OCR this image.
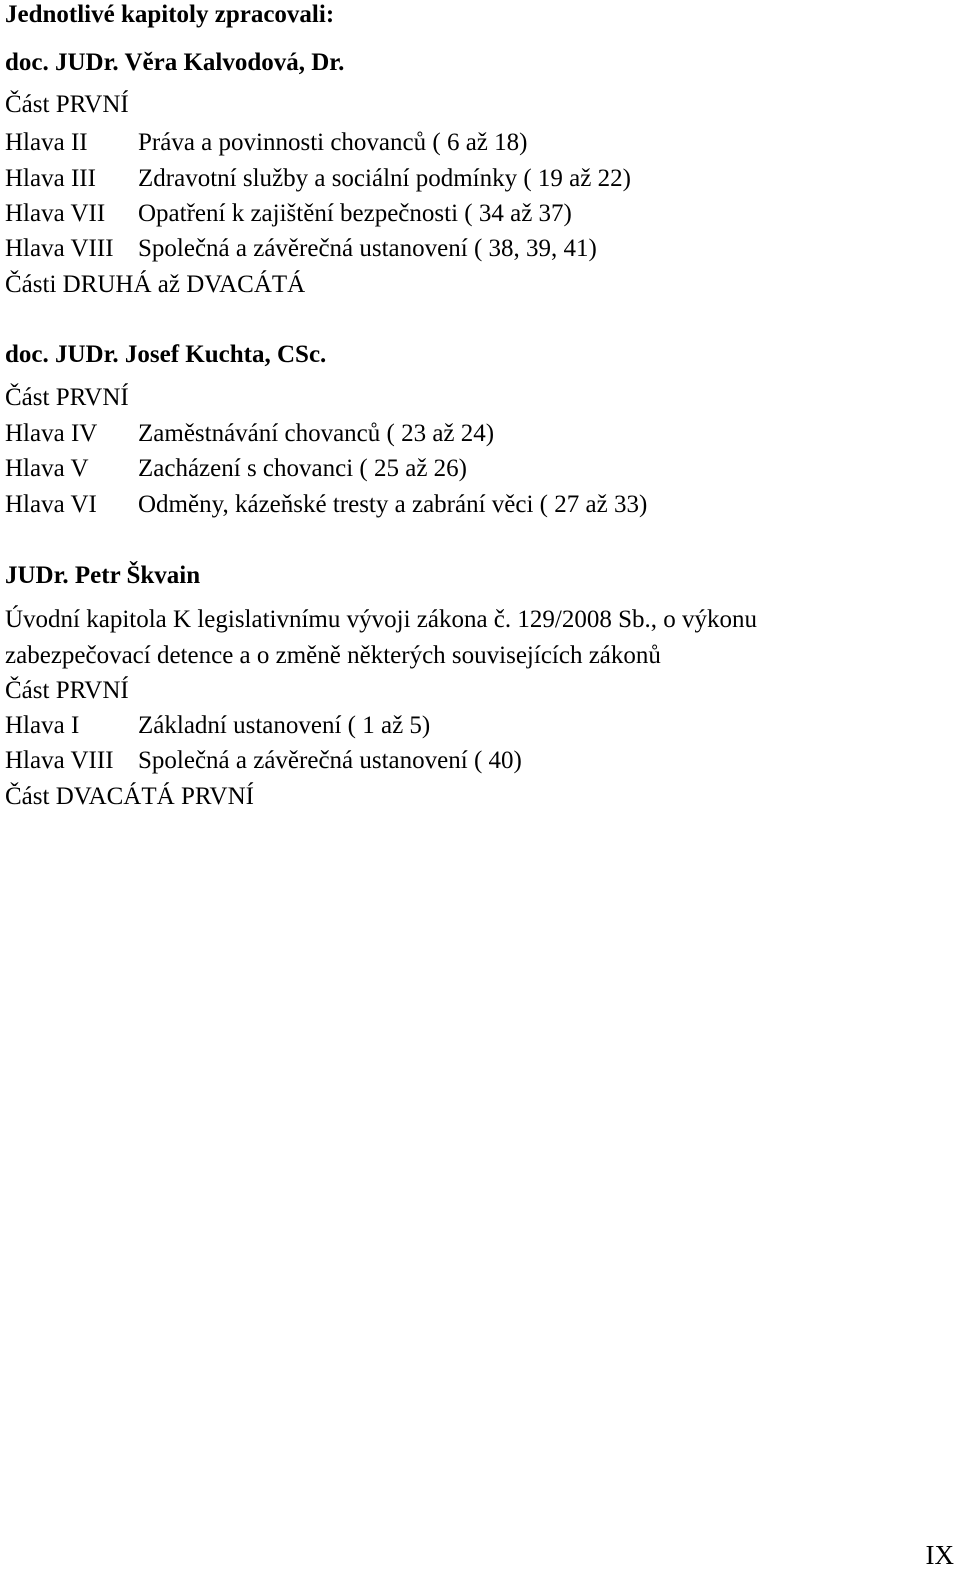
Jednotlivé kapitoly zpracovali:
doc. JUDr. Věra Kalvodová, Dr.
Část PRVNÍ
Hlava II Práva a povinnosti chovanců ( 6 až 18)
Hlava III Zdravotní služby a sociální podmínky ( 19 až 22)
Hlava VII Opatření k zajištění bezpečnosti ( 34 až 37)
Hlava VIII Společná a závěrečná ustanovení ( 38, 39, 41)
Části DRUHÁ až DVACÁTÁ
doc. JUDr. Josef Kuchta, CSc.
Část PRVNÍ
Hlava IV Zaměstnávání chovanců ( 23 až 24)
Hlava V Zacházení s chovanci ( 25 až 26)
Hlava VI Odměny, kázeňské tresty a zabrání věci ( 27 až 33)
JUDr. Petr Škvain
Úvodní kapitola K legislativnímu vývoji zákona č. 129/2008 Sb., o výkonu
zabezpečovací detence a o změně některých souvisejících zákonů
Část PRVNÍ
Hlava I Základní ustanovení ( 1 až 5)
Hlava VIII Společná a závěrečná ustanovení ( 40)
Část DVACÁTÁ PRVNÍ
IX
